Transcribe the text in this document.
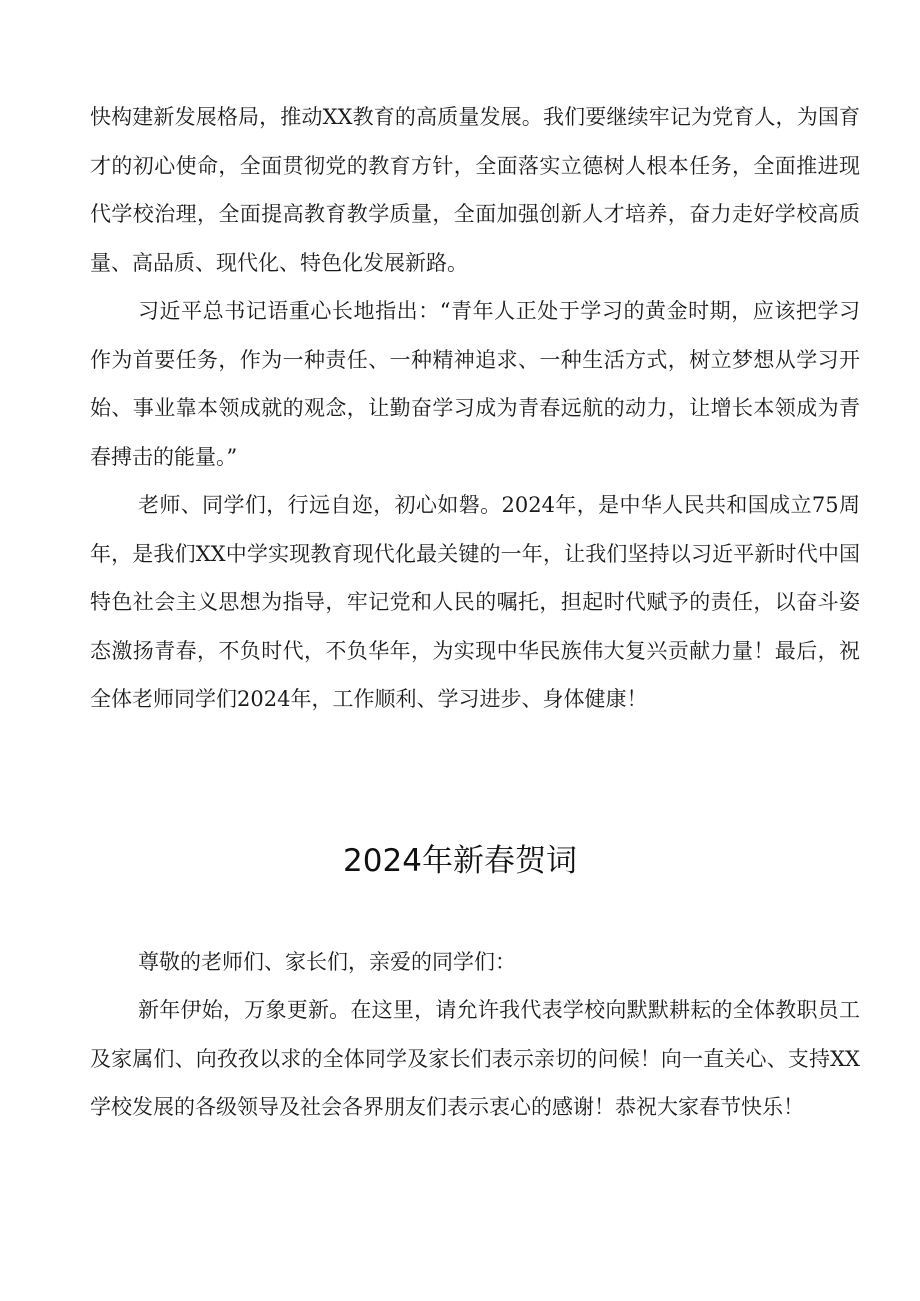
快构建新发展格局，推动XX教育的高质量发展。我们要继续牢记为党育人，为国育才的初心使命，全面贯彻党的教育方针，全面落实立德树人根本任务，全面推进现代学校治理，全面提高教育教学质量，全面加强创新人才培养，奋力走好学校高质量、高品质、现代化、特色化发展新路。

习近平总书记语重心长地指出：“青年人正处于学习的黄金时期，应该把学习作为首要任务，作为一种责任、一种精神追求、一种生活方式，树立梦想从学习开始、事业靠本领成就的观念，让勤奋学习成为青春远航的动力，让增长本领成为青春搏击的能量。”

老师、同学们，行远自迩，初心如磐。2024年，是中华人民共和国成立75周年，是我们XX中学实现教育现代化最关键的一年，让我们坚持以习近平新时代中国特色社会主义思想为指导，牢记党和人民的嘱托，担起时代赋予的责任，以奋斗姿态激扬青春，不负时代，不负华年，为实现中华民族伟大复兴贡献力量！最后，祝全体老师同学们2024年，工作顺利、学习进步、身体健康！

2024年新春贺词

尊敬的老师们、家长们，亲爱的同学们：

新年伊始，万象更新。在这里，请允许我代表学校向默默耕耘的全体教职员工及家属们、向孜孜以求的全体同学及家长们表示亲切的问候！向一直关心、支持XX学校发展的各级领导及社会各界朋友们表示衷心的感谢！恭祝大家春节快乐！
